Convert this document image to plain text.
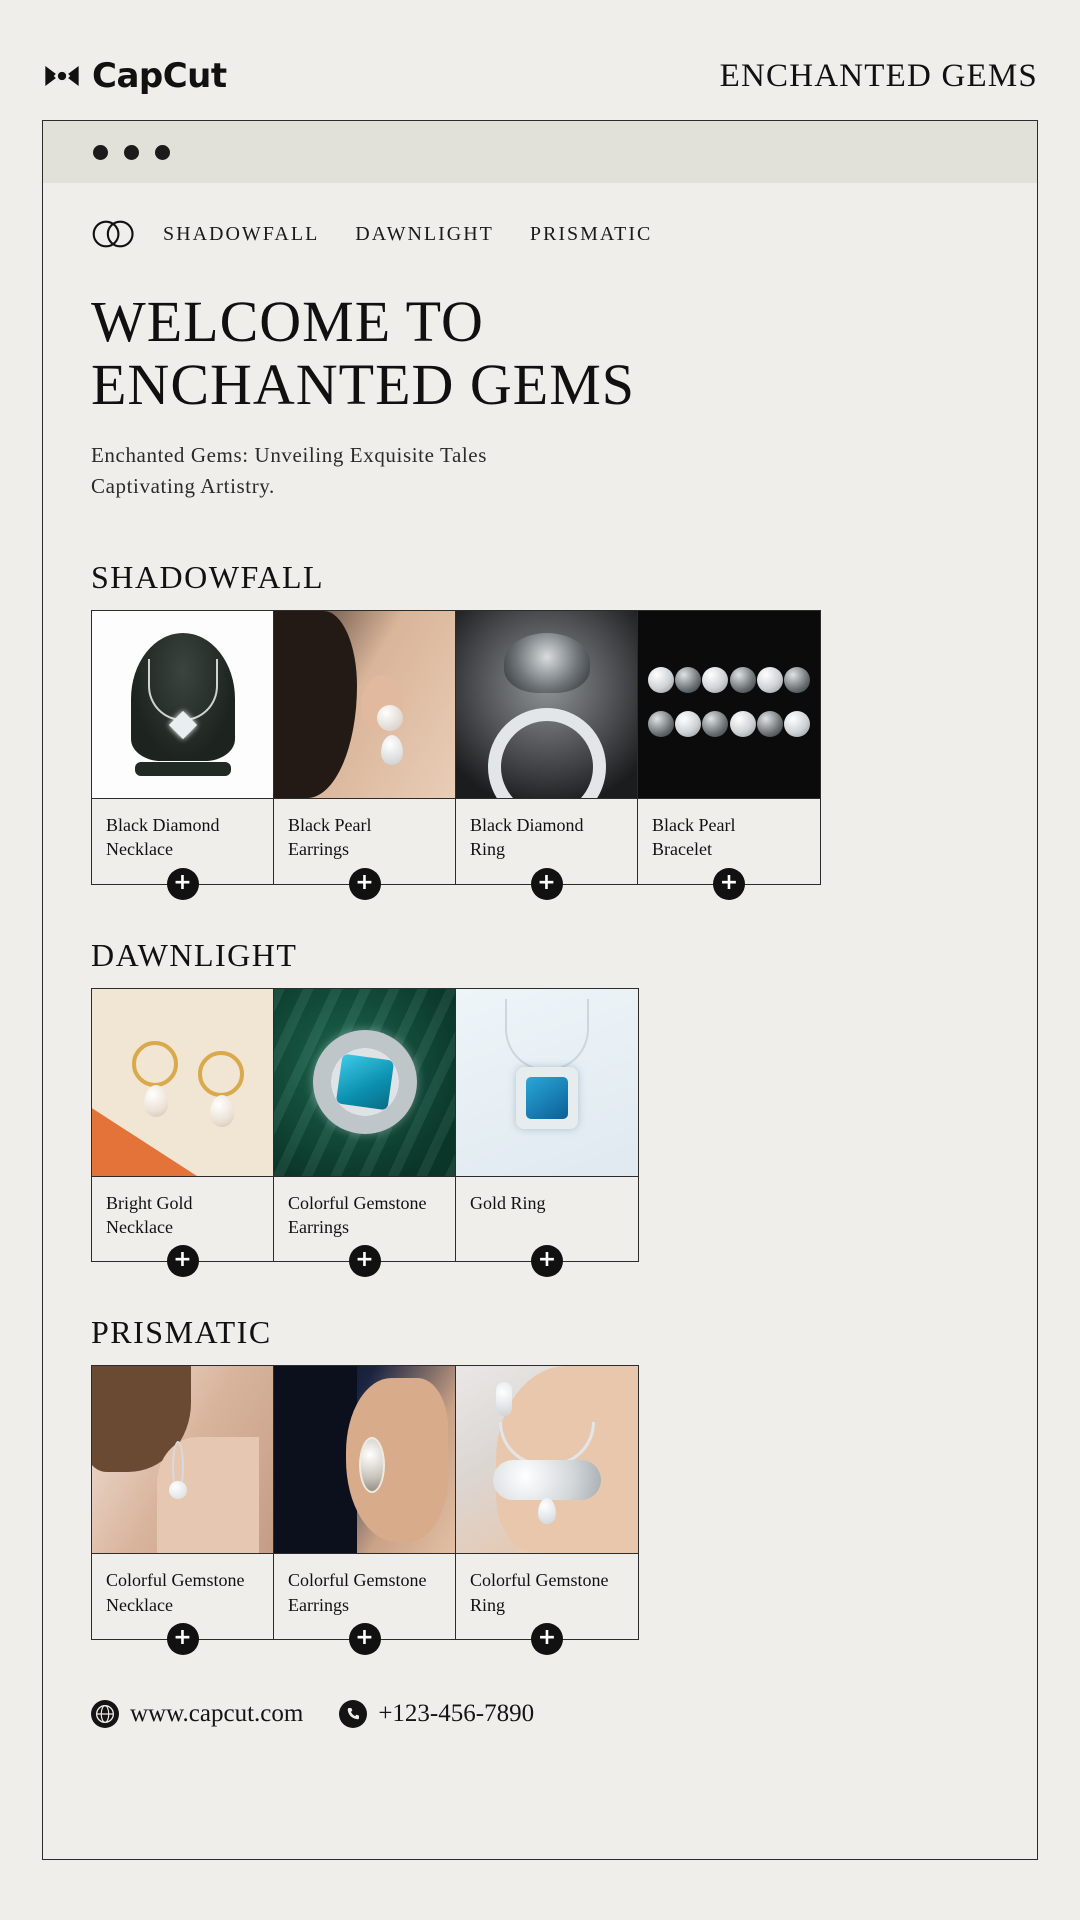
CapCut	ENCHANTED GEMS
SHADOWFALL DAWNLIGHT PRISMATIC
WELCOME TO
ENCHANTED GEMS
Enchanted Gems: Unveiling Exquisite Tales
Captivating Artistry.
SHADOWFALL
Black Diamond
Necklace
+
Black Pearl
Earrings
+
Black Diamond
Ring
+
Black Pearl
Bracelet
+
DAWNLIGHT
Bright Gold
Necklace
+
Colorful Gemstone
Earrings
+
Gold Ring
+
PRISMATIC
Colorful Gemstone
Necklace
+
Colorful Gemstone
Earrings
+
Colorful Gemstone
Ring
+
www.capcut.com	+123-456-7890
